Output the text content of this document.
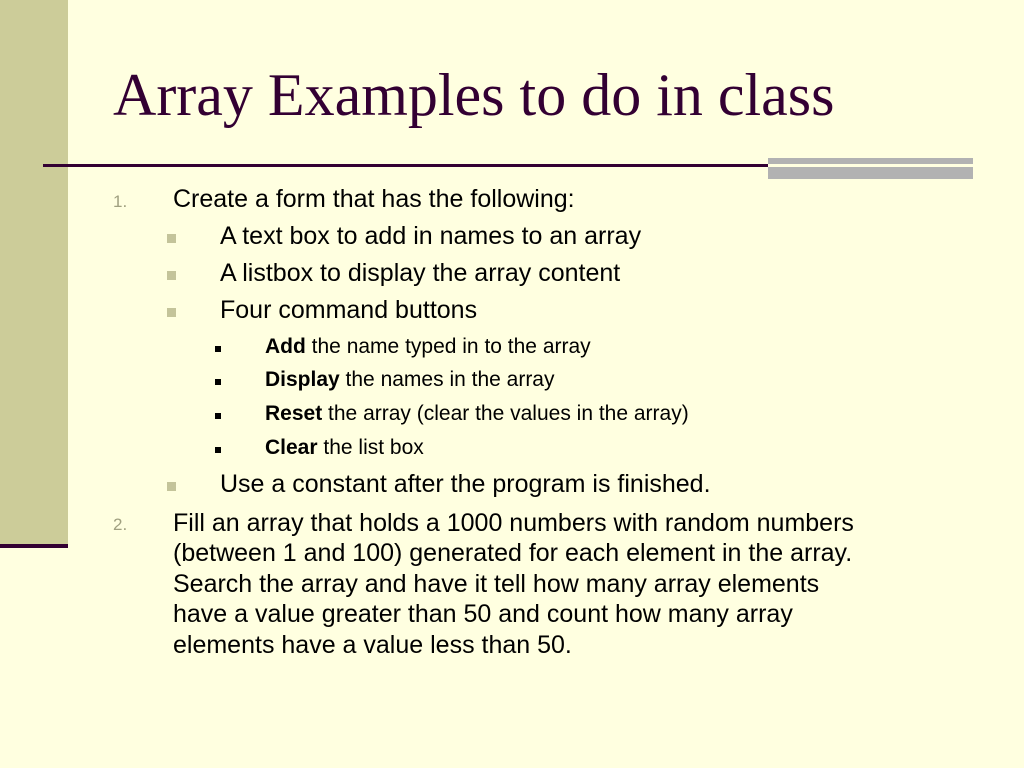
Array Examples to do in class
1. Create a form that has the following:
A text box to add in names to an array
A listbox to display the array content
Four command buttons
Add the name typed in to the array
Display the names in the array
Reset the array (clear the values in the array)
Clear the list box
Use a constant after the program is finished.
2. Fill an array that holds a 1000 numbers with random numbers
(between 1 and 100) generated for each element in the array.
Search the array and have it tell how many array elements
have a value greater than 50 and count how many array
elements have a value less than 50.
